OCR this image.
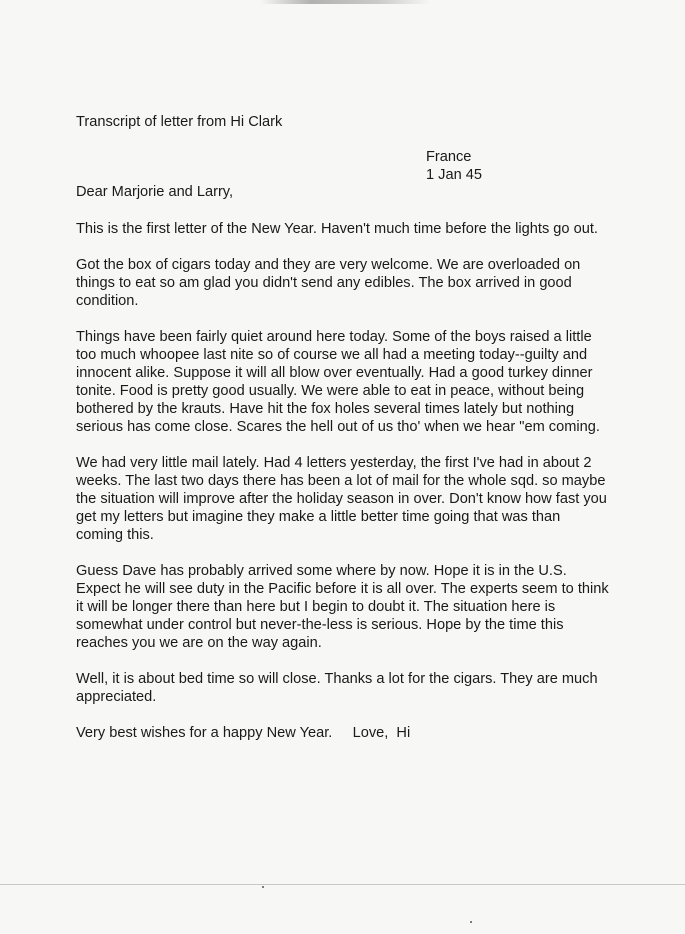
Transcript of letter from Hi Clark

France
1 Jan 45
Dear Marjorie and Larry,

This is the first letter of the New Year. Haven't much time before the lights go out.

Got the box of cigars today and they are very welcome. We are overloaded on things to eat so am glad you didn't send any edibles. The box arrived in good condition.

Things have been fairly quiet around here today. Some of the boys raised a little too much whoopee last nite so of course we all had a meeting today--guilty and innocent alike. Suppose it will all blow over eventually. Had a good turkey dinner tonite. Food is pretty good usually. We were able to eat in peace, without being bothered by the krauts. Have hit the fox holes several times lately but nothing serious has come close. Scares the hell out of us tho' when we hear "em coming.

We had very little mail lately. Had 4 letters yesterday, the first I've had in about 2 weeks. The last two days there has been a lot of mail for the whole sqd. so maybe the situation will improve after the holiday season in over. Don't know how fast you get my letters but imagine they make a little better time going that was than coming this.

Guess Dave has probably arrived some where by now. Hope it is in the U.S. Expect he will see duty in the Pacific before it is all over. The experts seem to think it will be longer there than here but I begin to doubt it. The situation here is somewhat under control but never-the-less is serious. Hope by the time this reaches you we are on the way again.

Well, it is about bed time so will close. Thanks a lot for the cigars. They are much appreciated.

Very best wishes for a happy New Year.     Love,  Hi
